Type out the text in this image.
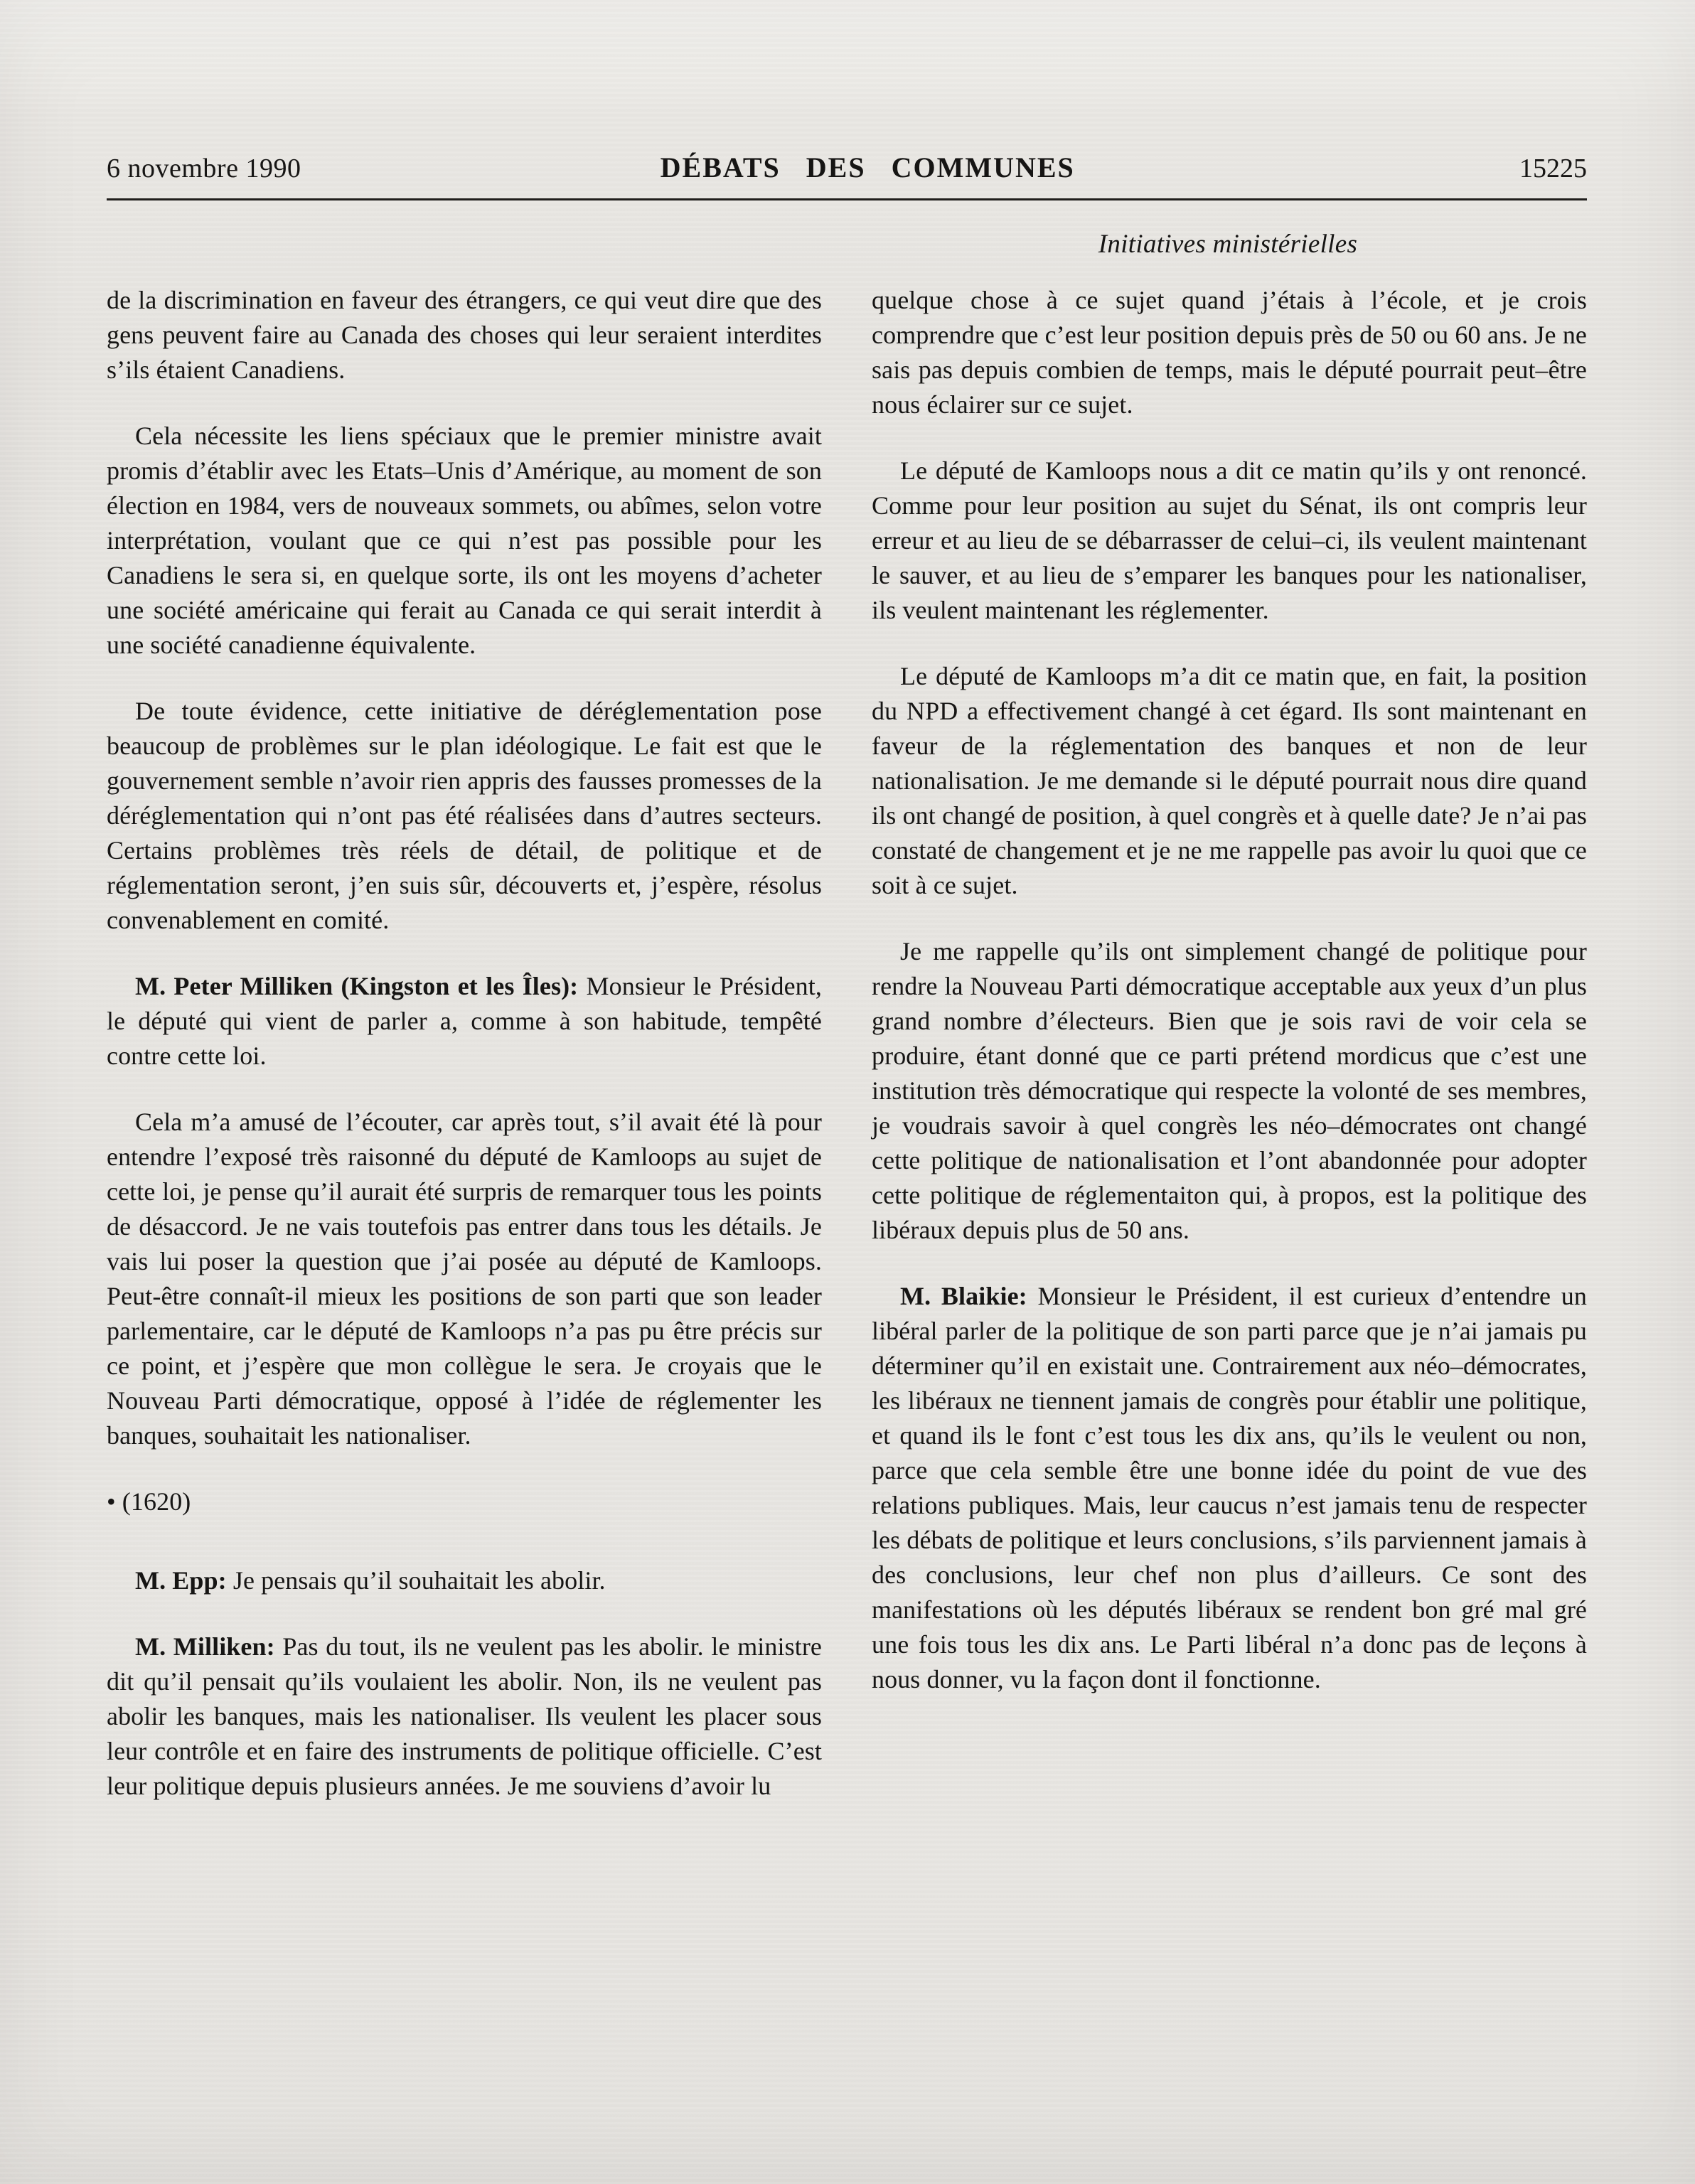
6 novembre 1990	DÉBATS DES COMMUNES	15225
Initiatives ministérielles

de la discrimination en faveur des étrangers, ce qui veut dire que des gens peuvent faire au Canada des choses qui leur seraient interdites s’ils étaient Canadiens.

Cela nécessite les liens spéciaux que le premier ministre avait promis d’établir avec les Etats–Unis d’Amérique, au moment de son élection en 1984, vers de nouveaux sommets, ou abîmes, selon votre interprétation, voulant que ce qui n’est pas possible pour les Canadiens le sera si, en quelque sorte, ils ont les moyens d’acheter une société américaine qui ferait au Canada ce qui serait interdit à une société canadienne équivalente.

De toute évidence, cette initiative de déréglementation pose beaucoup de problèmes sur le plan idéologique. Le fait est que le gouvernement semble n’avoir rien appris des fausses promesses de la déréglementation qui n’ont pas été réalisées dans d’autres secteurs. Certains problèmes très réels de détail, de politique et de réglementation seront, j’en suis sûr, découverts et, j’espère, résolus convenablement en comité.

M. Peter Milliken (Kingston et les Îles): Monsieur le Président, le député qui vient de parler a, comme à son habitude, tempêté contre cette loi.

Cela m’a amusé de l’écouter, car après tout, s’il avait été là pour entendre l’exposé très raisonné du député de Kamloops au sujet de cette loi, je pense qu’il aurait été surpris de remarquer tous les points de désaccord. Je ne vais toutefois pas entrer dans tous les détails. Je vais lui poser la question que j’ai posée au député de Kamloops. Peut-être connaît-il mieux les positions de son parti que son leader parlementaire, car le député de Kamloops n’a pas pu être précis sur ce point, et j’espère que mon collègue le sera. Je croyais que le Nouveau Parti démocratique, opposé à l’idée de réglementer les banques, souhaitait les nationaliser.

• (1620)

M. Epp: Je pensais qu’il souhaitait les abolir.

M. Milliken: Pas du tout, ils ne veulent pas les abolir. le ministre dit qu’il pensait qu’ils voulaient les abolir. Non, ils ne veulent pas abolir les banques, mais les nationaliser. Ils veulent les placer sous leur contrôle et en faire des instruments de politique officielle. C’est leur politique depuis plusieurs années. Je me souviens d’avoir lu

quelque chose à ce sujet quand j’étais à l’école, et je crois comprendre que c’est leur position depuis près de 50 ou 60 ans. Je ne sais pas depuis combien de temps, mais le député pourrait peut–être nous éclairer sur ce sujet.

Le député de Kamloops nous a dit ce matin qu’ils y ont renoncé. Comme pour leur position au sujet du Sénat, ils ont compris leur erreur et au lieu de se débarrasser de celui–ci, ils veulent maintenant le sauver, et au lieu de s’emparer les banques pour les nationaliser, ils veulent maintenant les réglementer.

Le député de Kamloops m’a dit ce matin que, en fait, la position du NPD a effectivement changé à cet égard. Ils sont maintenant en faveur de la réglementation des banques et non de leur nationalisation. Je me demande si le député pourrait nous dire quand ils ont changé de position, à quel congrès et à quelle date? Je n’ai pas constaté de changement et je ne me rappelle pas avoir lu quoi que ce soit à ce sujet.

Je me rappelle qu’ils ont simplement changé de politique pour rendre la Nouveau Parti démocratique acceptable aux yeux d’un plus grand nombre d’électeurs. Bien que je sois ravi de voir cela se produire, étant donné que ce parti prétend mordicus que c’est une institution très démocratique qui respecte la volonté de ses membres, je voudrais savoir à quel congrès les néo–démocrates ont changé cette politique de nationalisation et l’ont abandonnée pour adopter cette politique de réglementaiton qui, à propos, est la politique des libéraux depuis plus de 50 ans.

M. Blaikie: Monsieur le Président, il est curieux d’entendre un libéral parler de la politique de son parti parce que je n’ai jamais pu déterminer qu’il en existait une. Contrairement aux néo–démocrates, les libéraux ne tiennent jamais de congrès pour établir une politique, et quand ils le font c’est tous les dix ans, qu’ils le veulent ou non, parce que cela semble être une bonne idée du point de vue des relations publiques. Mais, leur caucus n’est jamais tenu de respecter les débats de politique et leurs conclusions, s’ils parviennent jamais à des conclusions, leur chef non plus d’ailleurs. Ce sont des manifestations où les députés libéraux se rendent bon gré mal gré une fois tous les dix ans. Le Parti libéral n’a donc pas de leçons à nous donner, vu la façon dont il fonctionne.
